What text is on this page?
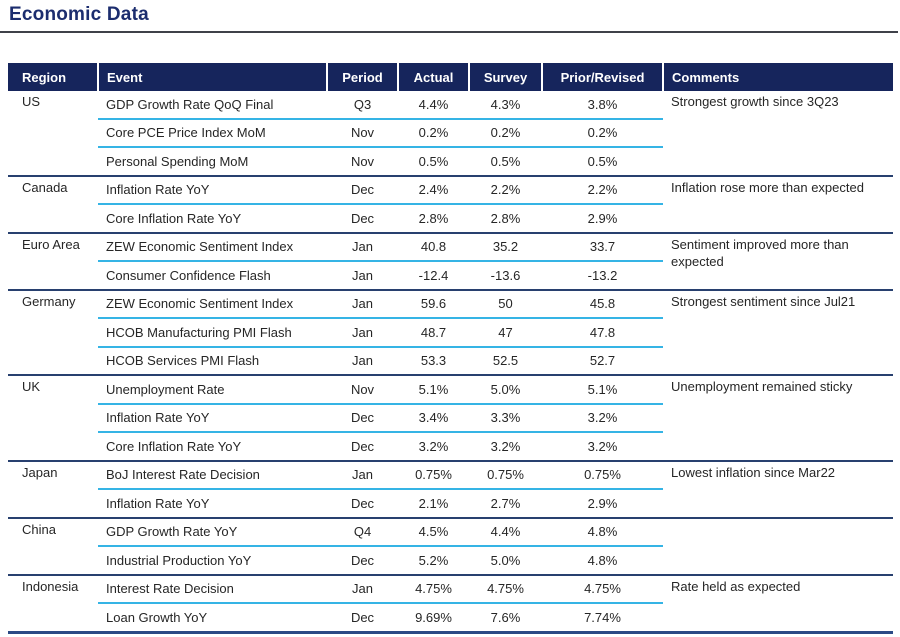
Economic Data
Region	Event	Period	Actual	Survey	Prior/Revised	Comments
US	GDP Growth Rate QoQ Final	Q3	4.4%	4.3%	3.8%	Strongest growth since 3Q23
	Core PCE Price Index MoM	Nov	0.2%	0.2%	0.2%	
	Personal Spending MoM	Nov	0.5%	0.5%	0.5%	
Canada	Inflation Rate YoY	Dec	2.4%	2.2%	2.2%	Inflation rose more than expected
	Core Inflation Rate YoY	Dec	2.8%	2.8%	2.9%	
Euro Area	ZEW Economic Sentiment Index	Jan	40.8	35.2	33.7	Sentiment improved more than expected
	Consumer Confidence Flash	Jan	-12.4	-13.6	-13.2	
Germany	ZEW Economic Sentiment Index	Jan	59.6	50	45.8	Strongest sentiment since Jul21
	HCOB Manufacturing PMI Flash	Jan	48.7	47	47.8	
	HCOB Services PMI Flash	Jan	53.3	52.5	52.7	
UK	Unemployment Rate	Nov	5.1%	5.0%	5.1%	Unemployment remained sticky
	Inflation Rate YoY	Dec	3.4%	3.3%	3.2%	
	Core Inflation Rate YoY	Dec	3.2%	3.2%	3.2%	
Japan	BoJ Interest Rate Decision	Jan	0.75%	0.75%	0.75%	Lowest inflation since Mar22
	Inflation Rate YoY	Dec	2.1%	2.7%	2.9%	
China	GDP Growth Rate YoY	Q4	4.5%	4.4%	4.8%	
	Industrial Production YoY	Dec	5.2%	5.0%	4.8%	
Indonesia	Interest Rate Decision	Jan	4.75%	4.75%	4.75%	Rate held as expected
	Loan Growth YoY	Dec	9.69%	7.6%	7.74%	
